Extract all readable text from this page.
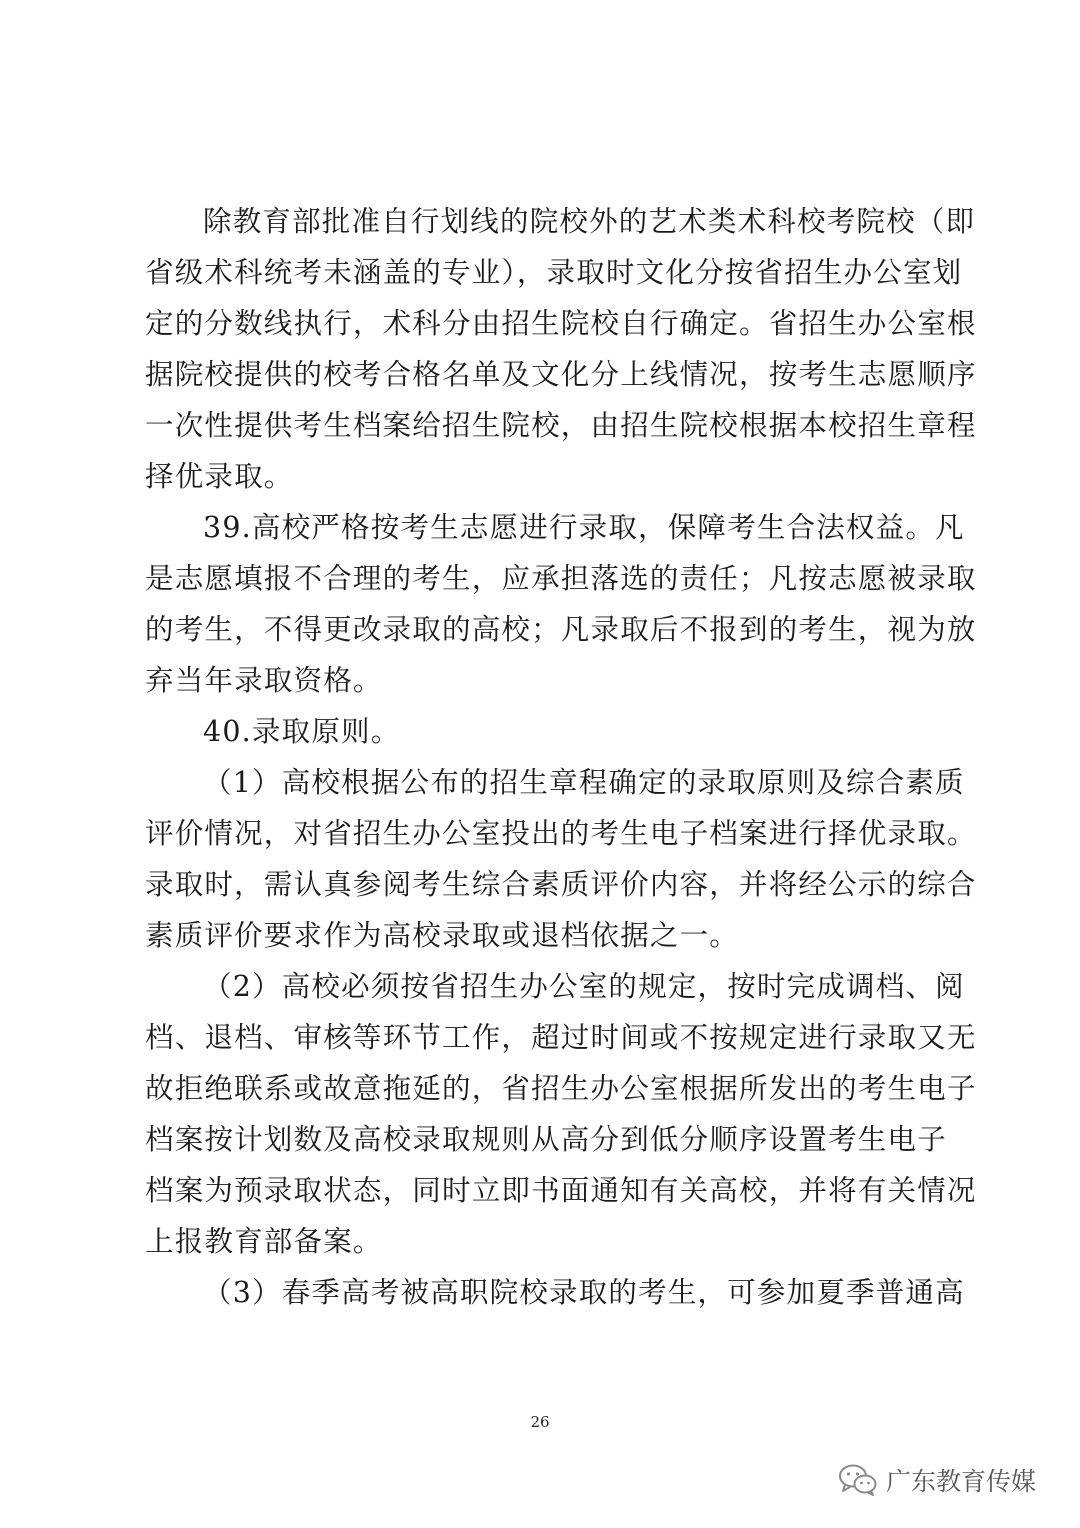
除教育部批准自行划线的院校外的艺术类术科校考院校（即
省级术科统考未涵盖的专业），录取时文化分按省招生办公室划
定的分数线执行，术科分由招生院校自行确定。省招生办公室根
据院校提供的校考合格名单及文化分上线情况，按考生志愿顺序
一次性提供考生档案给招生院校，由招生院校根据本校招生章程
择优录取。
39.高校严格按考生志愿进行录取，保障考生合法权益。凡
是志愿填报不合理的考生，应承担落选的责任；凡按志愿被录取
的考生，不得更改录取的高校；凡录取后不报到的考生，视为放
弃当年录取资格。
40.录取原则。
（1）高校根据公布的招生章程确定的录取原则及综合素质
评价情况，对省招生办公室投出的考生电子档案进行择优录取。
录取时，需认真参阅考生综合素质评价内容，并将经公示的综合
素质评价要求作为高校录取或退档依据之一。
（2）高校必须按省招生办公室的规定，按时完成调档、阅
档、退档、审核等环节工作，超过时间或不按规定进行录取又无
故拒绝联系或故意拖延的，省招生办公室根据所发出的考生电子
档案按计划数及高校录取规则从高分到低分顺序设置考生电子
档案为预录取状态，同时立即书面通知有关高校，并将有关情况
上报教育部备案。
（3）春季高考被高职院校录取的考生，可参加夏季普通高
26
广东教育传媒
